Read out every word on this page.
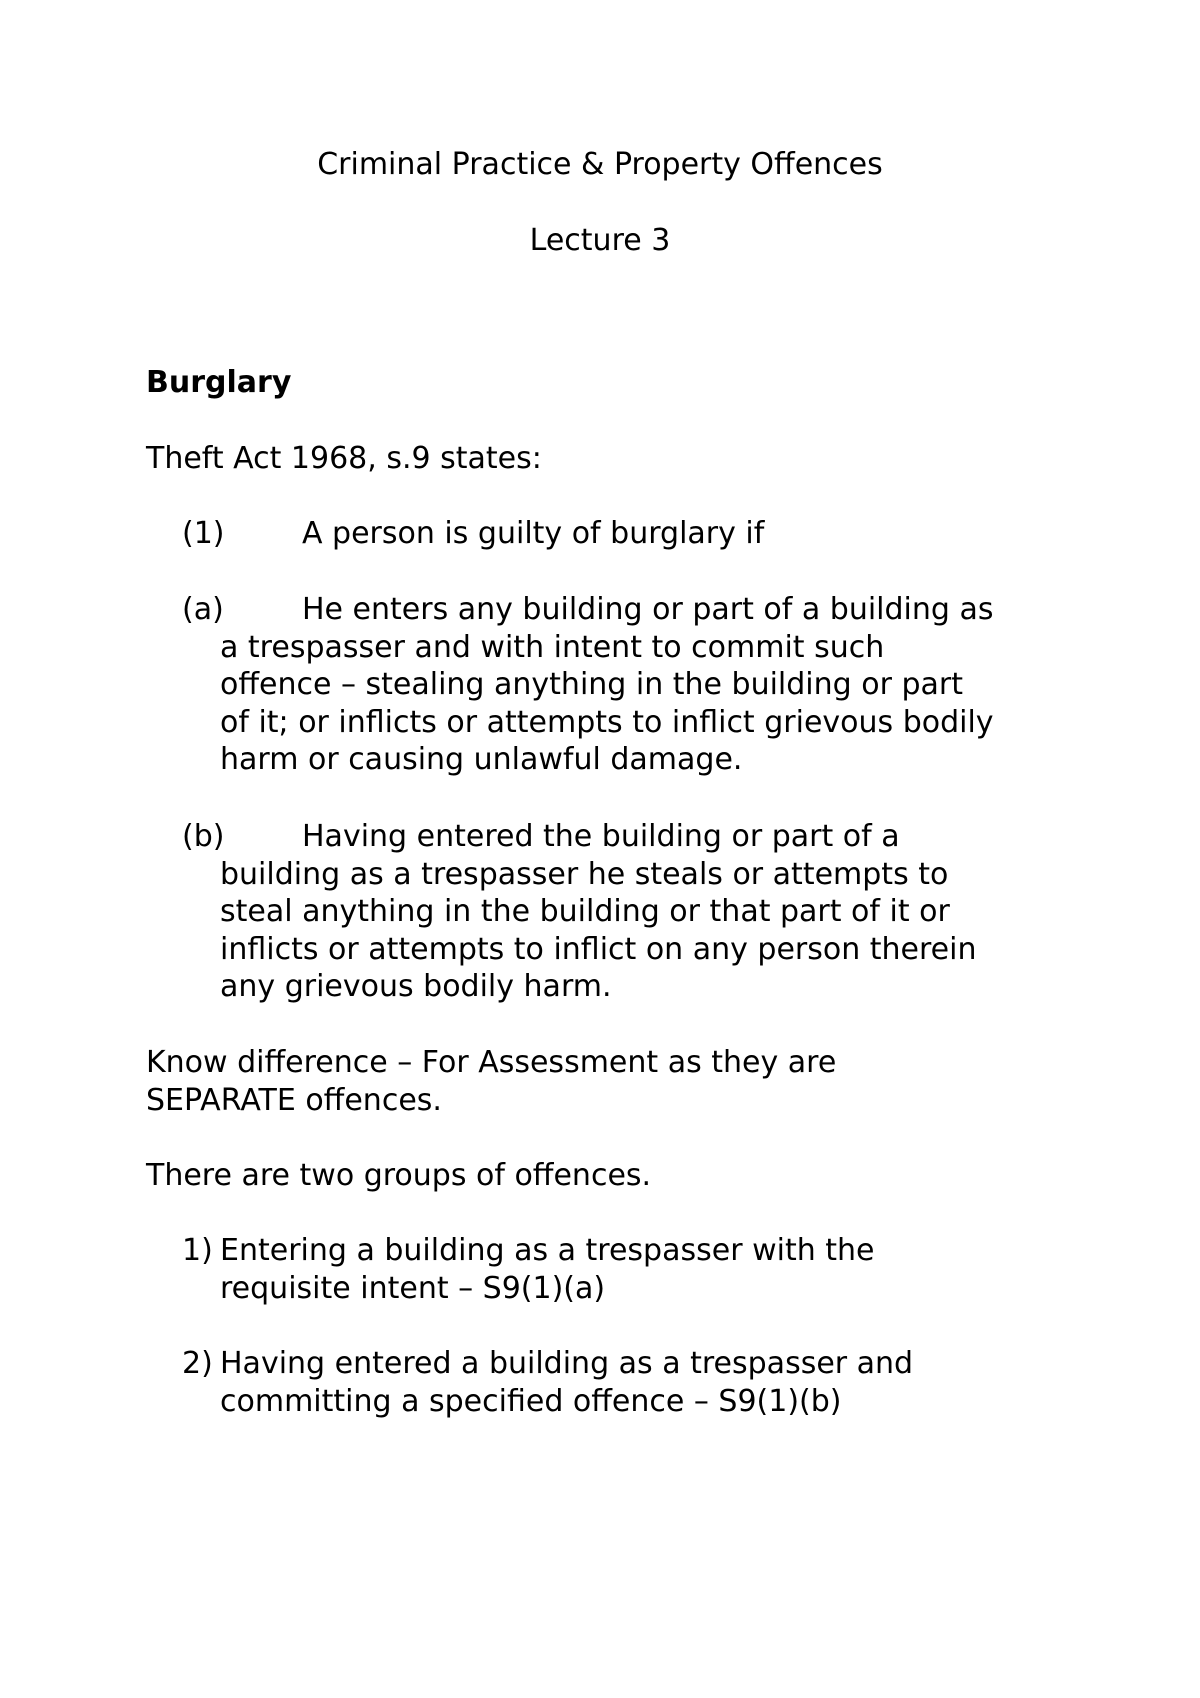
Criminal Practice & Property Offences
Lecture 3
Burglary
Theft Act 1968, s.9 states:
(1)	A person is guilty of burglary if
(a)	He enters any building or part of a building as
a trespasser and with intent to commit such
offence – stealing anything in the building or part
of it; or inflicts or attempts to inflict grievous bodily
harm or causing unlawful damage.
(b)	Having entered the building or part of a
building as a trespasser he steals or attempts to
steal anything in the building or that part of it or
inflicts or attempts to inflict on any person therein
any grievous bodily harm.
Know difference – For Assessment as they are
SEPARATE offences.
There are two groups of offences.
1) Entering a building as a trespasser with the
requisite intent – S9(1)(a)
2) Having entered a building as a trespasser and
committing a specified offence – S9(1)(b)
